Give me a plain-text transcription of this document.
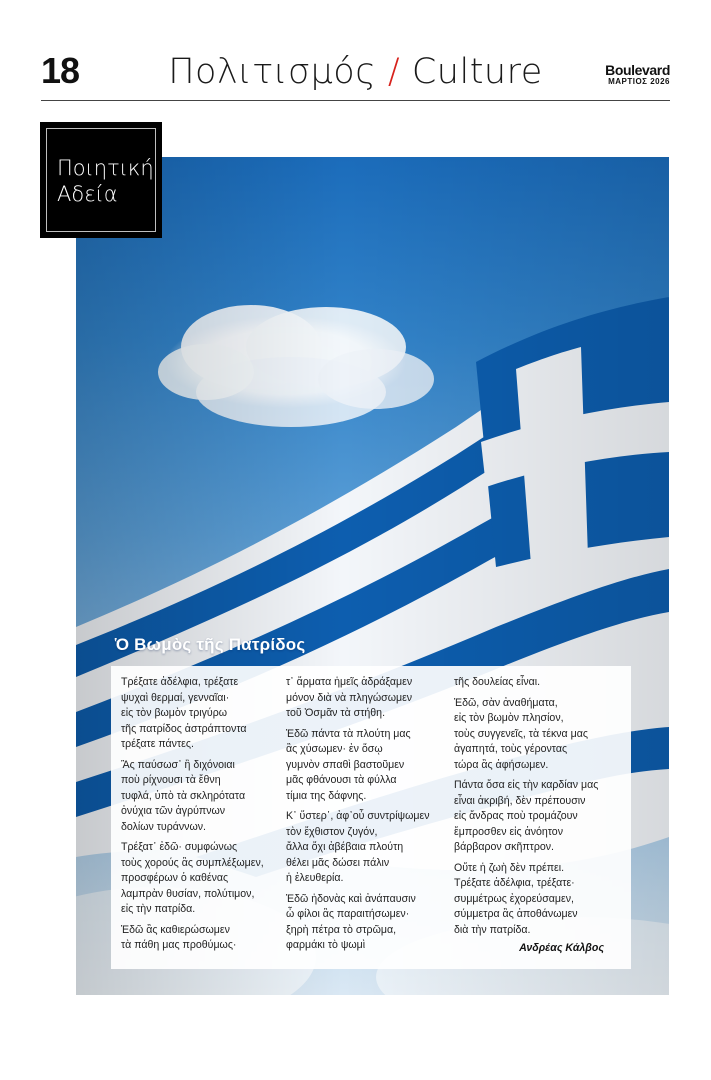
18	Πολιτισμός / Culture	Boulevard
ΜΑΡΤΙΟΣ 2026
Ποιητική
Αδεία
Ὁ Βωμὸς τῆς Πατρίδος

Τρέξατε ἀδέλφια, τρέξατε
ψυχαὶ θερμαί, γενναῖαι·
εἰς τὸν βωμὸν τριγύρω
τῆς πατρίδος ἀστράπτοντα
τρέξατε πάντες.

Ἂς παύσωσ᾿ ἢ διχόνοιαι
ποὺ ρίχνουσι τὰ ἔθνη
τυφλά, ὑπὸ τὰ σκληρότατα
ὀνύχια τῶν ἀγρύπνων
δολίων τυράννων.

Τρέξατ᾿ ἐδῶ· συμφώνως
τοὺς χορούς ἂς συμπλέξωμεν,
προσφέρων ὁ καθένας
λαμπρὰν θυσίαν, πολύτιμον,
εἰς τὴν πατρίδα.

Ἐδῶ ἂς καθιερώσωμεν
τὰ πάθη μας προθύμως·

τ᾿ ἄρματα ἡμεῖς ἁδράξαμεν
μόνον διὰ νὰ πληγώσωμεν
τοῦ Ὀσμᾶν τὰ στήθη.

Ἐδῶ πάντα τὰ πλούτη μας
ἂς χύσωμεν· ἐν ὅσῳ
γυμνὸν σπαθὶ βαστοῦμεν
μᾶς φθάνουσι τὰ φύλλα
τίμια της δάφνης.

Κ᾿ ὕστερ᾿, ἀφ᾿οὗ συντρίψωμεν
τὸν ἔχθιστον ζυγόν,
ἄλλα ὄχι ἀβέβαια πλούτη
θέλει μᾶς δώσει πάλιν
ἡ ἐλευθερία.

Ἐδῶ ἡδονὰς καὶ ἀνάπαυσιν
ὦ φίλοι ἂς παραιτήσωμεν·
ξηρὴ πέτρα τὸ στρῶμα,
φαρμάκι τὸ ψωμὶ

τῆς δουλείας εἶναι.

Ἐδῶ, σὰν ἀναθήματα,
εἰς τὸν βωμὸν πλησίον,
τοὺς συγγενεῖς, τὰ τέκνα μας
ἀγαπητά, τοὺς γέροντας
τώρα ἂς ἀφήσωμεν.

Πάντα ὅσα εἰς τὴν καρδίαν μας
εἶναι ἀκριβή, δὲν πρέπουσιν
εἰς ἄνδρας ποὺ τρομάζουν
ἔμπροσθεν εἰς ἀνόητον
βάρβαρον σκῆπτρον.

Οὔτε ἡ ζωὴ δὲν πρέπει.
Τρέξατε ἀδέλφια, τρέξατε·
συμμέτρως ἐχορεύσαμεν,
σύμμετρα ἂς ἀποθάνωμεν
διὰ τὴν πατρίδα.

Ανδρέας Κάλβος
